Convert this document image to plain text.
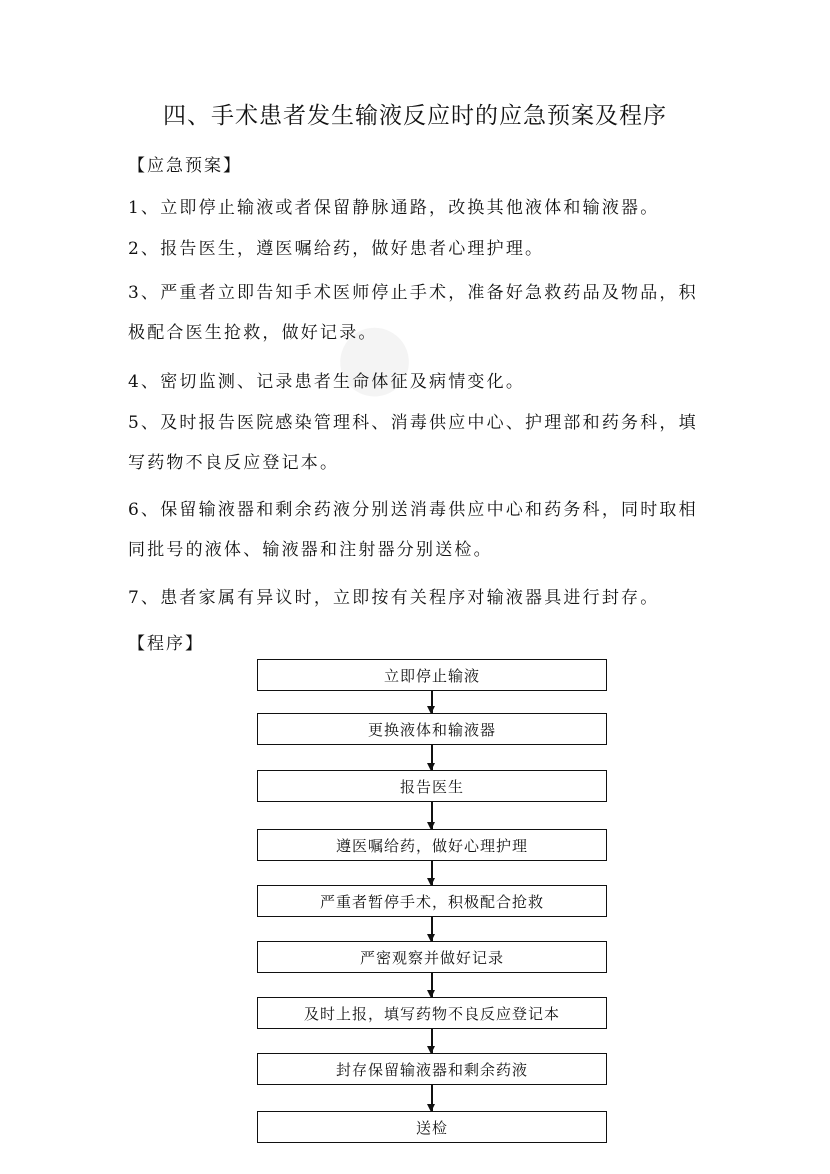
四、手术患者发生输液反应时的应急预案及程序
【应急预案】
1、立即停止输液或者保留静脉通路，改换其他液体和输液器。
2、报告医生，遵医嘱给药，做好患者心理护理。
3、严重者立即告知手术医师停止手术，准备好急救药品及物品，积极配合医生抢救，做好记录。
4、密切监测、记录患者生命体征及病情变化。
5、及时报告医院感染管理科、消毒供应中心、护理部和药务科，填写药物不良反应登记本。
6、保留输液器和剩余药液分别送消毒供应中心和药务科，同时取相同批号的液体、输液器和注射器分别送检。
7、患者家属有异议时，立即按有关程序对输液器具进行封存。
【程序】
立即停止输液
更换液体和输液器
报告医生
遵医嘱给药，做好心理护理
严重者暂停手术，积极配合抢救
严密观察并做好记录
及时上报，填写药物不良反应登记本
封存保留输液器和剩余药液
送检
